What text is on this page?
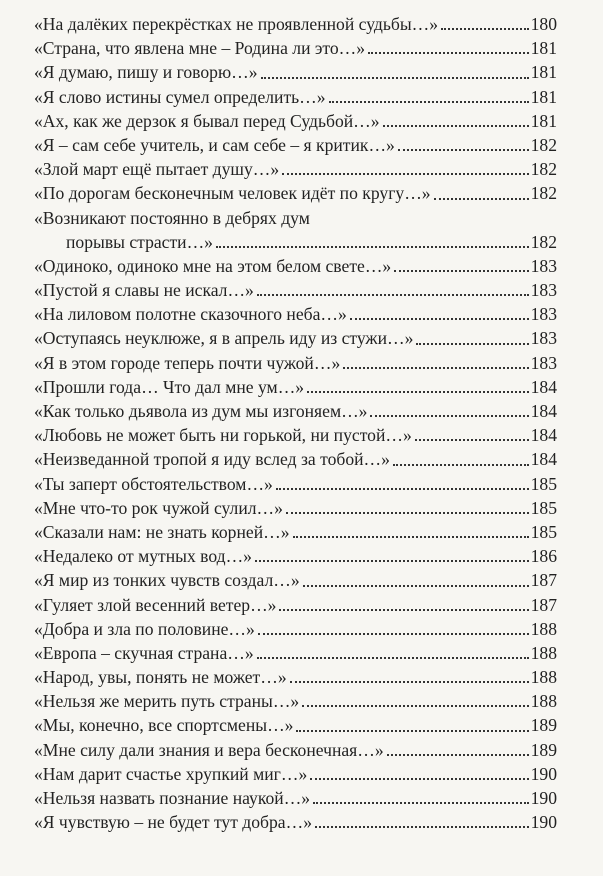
«На далёких перекрёстках не проявленной судьбы…»	180
«Страна, что явлена мне – Родина ли это…»	181
«Я думаю, пишу и говорю…»	181
«Я слово истины сумел определить…»	181
«Ах, как же дерзок я бывал перед Судьбой…»	181
«Я – сам себе учитель, и сам себе – я критик…»	182
«Злой март ещё пытает душу…»	182
«По дорогам бесконечным человек идёт по кругу…»	182
«Возникают постоянно в дебрях дум
порывы страсти…»	182
«Одиноко, одиноко мне на этом белом свете…»	183
«Пустой я славы не искал…»	183
«На лиловом полотне сказочного неба…»	183
«Оступаясь неуклюже, я в апрель иду из стужи…»	183
«Я в этом городе теперь почти чужой…»	183
«Прошли года… Что дал мне ум…»	184
«Как только дьявола из дум мы изгоняем…»	184
«Любовь не может быть ни горькой, ни пустой…»	184
«Неизведанной тропой я иду вслед за тобой…»	184
«Ты заперт обстоятельством…»	185
«Мне что-то рок чужой сулил…»	185
«Сказали нам: не знать корней…»	185
«Недалеко от мутных вод…»	186
«Я мир из тонких чувств создал…»	187
«Гуляет злой весенний ветер…»	187
«Добра и зла по половине…»	188
«Европа – скучная страна…»	188
«Народ, увы, понять не может…»	188
«Нельзя же мерить путь страны…»	188
«Мы, конечно, все спортсмены…»	189
«Мне силу дали знания и вера бесконечная…»	189
«Нам дарит счастье хрупкий миг…»	190
«Нельзя назвать познание наукой…»	190
«Я чувствую – не будет тут добра…»	190
